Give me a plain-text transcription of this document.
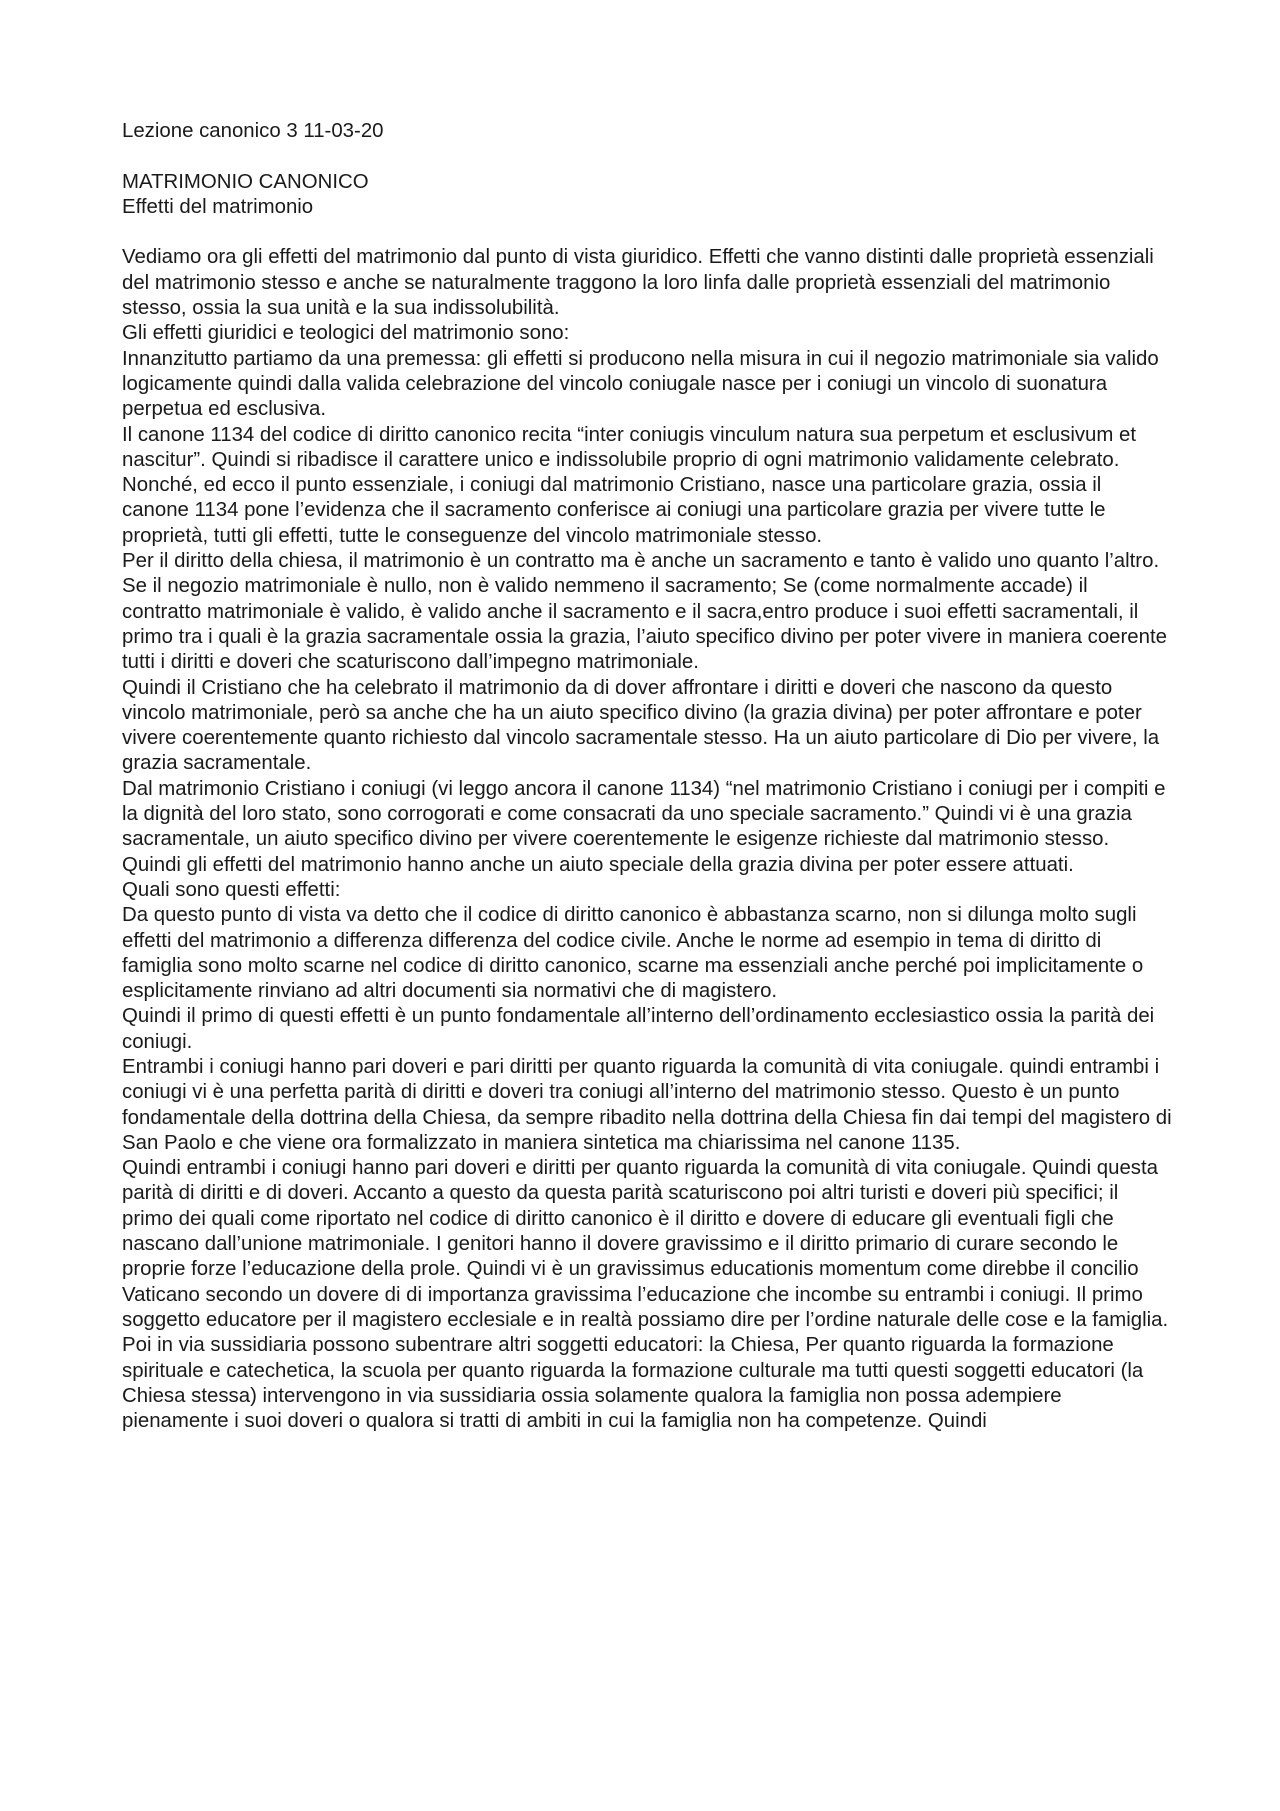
Lezione canonico 3 11-03-20

MATRIMONIO CANONICO

Effetti del matrimonio

Vediamo ora gli effetti del matrimonio dal punto di vista giuridico. Effetti che vanno distinti dalle proprietà essenziali del matrimonio stesso e anche se naturalmente traggono la loro linfa dalle proprietà essenziali del matrimonio stesso, ossia la sua unità e la sua indissolubilità.

Gli effetti giuridici e teologici del matrimonio sono:

Innanzitutto partiamo da una premessa: gli effetti si producono nella misura in cui il negozio matrimoniale sia valido logicamente quindi dalla valida celebrazione del vincolo coniugale nasce per i coniugi un vincolo di suonatura perpetua ed esclusiva.

Il canone 1134 del codice di diritto canonico recita “inter coniugis vinculum natura sua perpetum et esclusivum et nascitur”. Quindi si ribadisce il carattere unico e indissolubile proprio di ogni matrimonio validamente celebrato. Nonché, ed ecco il punto essenziale, i coniugi dal matrimonio Cristiano, nasce una particolare grazia, ossia il canone 1134 pone l’evidenza che il sacramento conferisce ai coniugi una particolare grazia per vivere tutte le proprietà, tutti gli effetti, tutte le conseguenze del vincolo matrimoniale stesso.

Per il diritto della chiesa, il matrimonio è un contratto ma è anche un sacramento e tanto è valido uno quanto l’altro. Se il negozio matrimoniale è nullo, non è valido nemmeno il sacramento; Se (come normalmente accade) il contratto matrimoniale è valido, è valido anche il sacramento e il sacra,entro produce i suoi effetti sacramentali, il primo tra i quali è la grazia sacramentale ossia la grazia, l’aiuto specifico divino per poter vivere in maniera coerente tutti i diritti e doveri che scaturiscono dall’impegno matrimoniale.

Quindi il Cristiano che ha celebrato il matrimonio da di dover affrontare i diritti e doveri che nascono da questo vincolo matrimoniale, però sa anche che ha un aiuto specifico divino (la grazia divina) per poter affrontare e poter vivere coerentemente quanto richiesto dal vincolo sacramentale stesso. Ha un aiuto particolare di Dio per vivere, la grazia sacramentale.

Dal matrimonio Cristiano i coniugi (vi leggo ancora il canone 1134) “nel matrimonio Cristiano i coniugi per i compiti e la dignità del loro stato, sono corrogorati e come consacrati da uno speciale sacramento.” Quindi vi è una grazia sacramentale, un aiuto specifico divino per vivere coerentemente le esigenze richieste dal matrimonio stesso.

Quindi gli effetti del matrimonio hanno anche un aiuto speciale della grazia divina per poter essere attuati.

Quali sono questi effetti:

Da questo punto di vista va detto che il codice di diritto canonico è abbastanza scarno, non si dilunga molto sugli effetti del matrimonio a differenza differenza del codice civile. Anche le norme ad esempio in tema di diritto di famiglia sono molto scarne nel codice di diritto canonico, scarne ma essenziali anche perché poi implicitamente o esplicitamente rinviano ad altri documenti sia normativi che di magistero.

Quindi il primo di questi effetti è un punto fondamentale all’interno dell’ordinamento ecclesiastico ossia la parità dei coniugi.

Entrambi i coniugi hanno pari doveri e pari diritti per quanto riguarda la comunità di vita coniugale. quindi entrambi i coniugi vi è una perfetta parità di diritti e doveri tra coniugi all’interno del matrimonio stesso. Questo è un punto fondamentale della dottrina della Chiesa, da sempre ribadito nella dottrina della Chiesa fin dai tempi del magistero di San Paolo e che viene ora formalizzato in maniera sintetica ma chiarissima nel canone 1135.

Quindi entrambi i coniugi hanno pari doveri e diritti per quanto riguarda la comunità di vita coniugale. Quindi questa parità di diritti e di doveri. Accanto a questo da questa parità scaturiscono poi altri turisti e doveri più specifici; il primo dei quali come riportato nel codice di diritto canonico è il diritto e dovere di educare gli eventuali figli che nascano dall’unione matrimoniale. I genitori hanno il dovere gravissimo e il diritto primario di curare secondo le proprie forze l’educazione della prole. Quindi vi è un gravissimus educationis momentum come direbbe il concilio Vaticano secondo un dovere di di importanza gravissima l’educazione che incombe su entrambi i coniugi. Il primo soggetto educatore per il magistero ecclesiale e in realtà possiamo dire per l’ordine naturale delle cose e la famiglia. Poi in via sussidiaria possono subentrare altri soggetti educatori: la Chiesa, Per quanto riguarda la formazione spirituale e catechetica, la scuola per quanto riguarda la formazione culturale ma tutti questi soggetti educatori (la Chiesa stessa) intervengono in via sussidiaria ossia solamente qualora la famiglia non possa adempiere pienamente i suoi doveri o qualora si tratti di ambiti in cui la famiglia non ha competenze. Quindi
